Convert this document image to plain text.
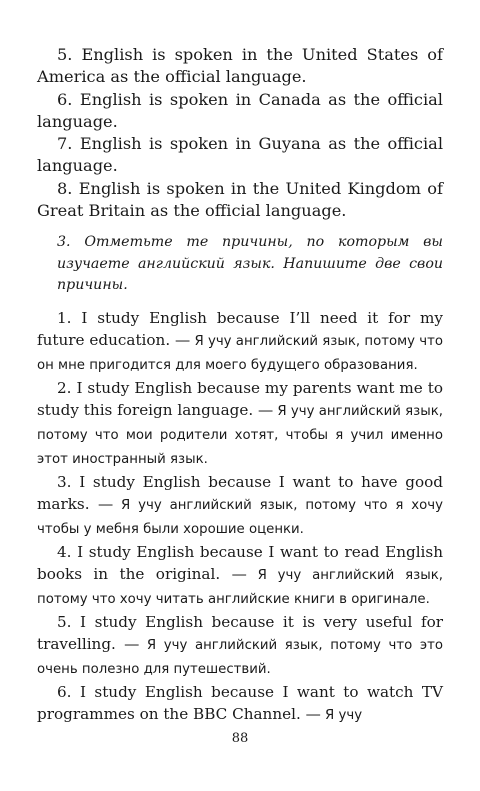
5. English is spoken in the United States of America as the official language.

6. English is spoken in Canada as the official language.

7. English is spoken in Guyana as the official language.

8. English is spoken in the United Kingdom of Great Britain as the official language.

3. Отметьте те причины, по которым вы изучаете английский язык. Напишите две свои причины.

1. I study English because I’ll need it for my future education. — Я учу английский язык, потому что он мне пригодится для моего будущего образования.

2. I study English because my parents want me to study this foreign language. — Я учу английский язык, потому что мои родители хотят, чтобы я учил именно этот иностранный язык.

3. I study English because I want to have good marks. — Я учу английский язык, потому что я хочу чтобы у мебня были хорошие оценки.

4. I study English because I want to read English books in the original. — Я учу английский язык, потому что хочу читать английские книги в оригинале.

5. I study English because it is very useful for travelling. — Я учу английский язык, потому что это очень полезно для путешествий.

6. I study English because I want to watch TV programmes on the BBC Channel. — Я учу

88
